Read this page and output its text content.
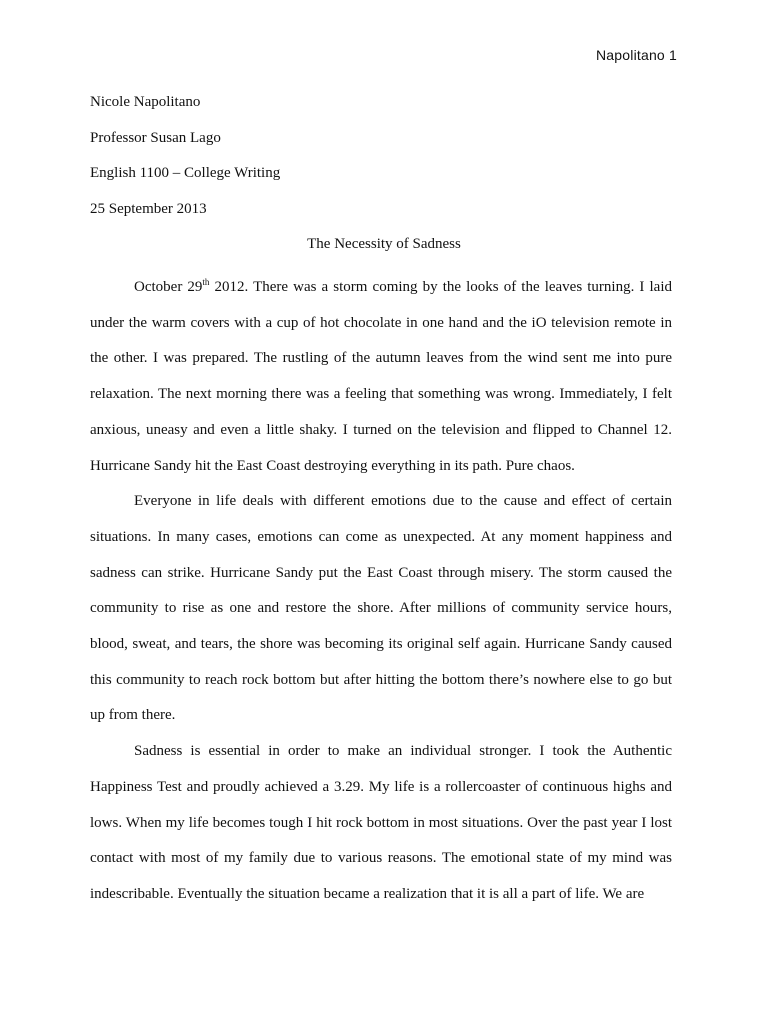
Napolitano 1
Nicole Napolitano
Professor Susan Lago
English 1100 – College Writing
25 September 2013
The Necessity of Sadness

October 29th 2012. There was a storm coming by the looks of the leaves turning. I laid under the warm covers with a cup of hot chocolate in one hand and the iO television remote in the other. I was prepared. The rustling of the autumn leaves from the wind sent me into pure relaxation. The next morning there was a feeling that something was wrong. Immediately, I felt anxious, uneasy and even a little shaky. I turned on the television and flipped to Channel 12. Hurricane Sandy hit the East Coast destroying everything in its path. Pure chaos.

Everyone in life deals with different emotions due to the cause and effect of certain situations. In many cases, emotions can come as unexpected. At any moment happiness and sadness can strike. Hurricane Sandy put the East Coast through misery. The storm caused the community to rise as one and restore the shore. After millions of community service hours, blood, sweat, and tears, the shore was becoming its original self again. Hurricane Sandy caused this community to reach rock bottom but after hitting the bottom there’s nowhere else to go but up from there.

Sadness is essential in order to make an individual stronger. I took the Authentic Happiness Test and proudly achieved a 3.29. My life is a rollercoaster of continuous highs and lows. When my life becomes tough I hit rock bottom in most situations. Over the past year I lost contact with most of my family due to various reasons. The emotional state of my mind was indescribable. Eventually the situation became a realization that it is all a part of life. We are
